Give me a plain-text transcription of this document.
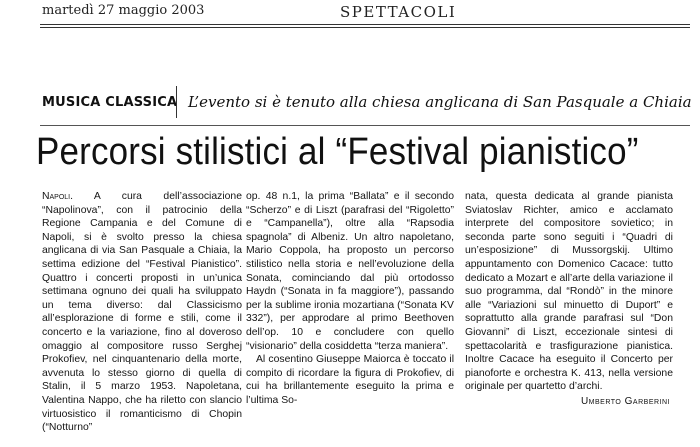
martedì 27 maggio 2003	SPETTACOLI
MUSICA CLASSICA L’evento si è tenuto alla chiesa anglicana di San Pasquale a Chiaia
Percorsi stilistici al “Festival pianistico”

Napoli. A cura dell’associazione “Napolinova”, con il patrocinio della Regione Campania e del Comune di Napoli, si è svolto presso la chiesa anglicana di via San Pasquale a Chiaia, la settima edizione del “Festival Pianistico”. Quattro i concerti proposti in un’unica settimana ognuno dei quali ha sviluppato un tema diverso: dal Classicismo all’esplorazione di forme e stili, come il concerto e la variazione, fino al doveroso omaggio al compositore russo Serghej Prokofiev, nel cinquantenario della morte, avvenuta lo stesso giorno di quella di Stalin, il 5 marzo 1953. Napoletana, Valentina Nappo, che ha riletto con slancio virtuosistico il romanticismo di Chopin (“Notturno”

op. 48 n.1, la prima “Ballata” e il secondo “Scherzo” e di Liszt (parafrasi del “Rigoletto” e “Campanella”), oltre alla “Rapsodia spagnola” di Albeniz. Un altro napoletano, Mario Coppola, ha proposto un percorso stilistico nella storia e nell’evoluzione della Sonata, cominciando dal più ortodosso Haydn (“Sonata in fa maggiore”), passando per la sublime ironia mozartiana (“Sonata KV 332”), per approdare al primo Beethoven dell’op. 10 e concludere con quello “visionario” della cosiddetta “terza maniera”.

Al cosentino Giuseppe Maiorca è toccato il compito di ricordare la figura di Prokofiev, di cui ha brillantemente eseguito la prima e l’ultima So-

nata, questa dedicata al grande pianista Sviatoslav Richter, amico e acclamato interprete del compositore sovietico; in seconda parte sono seguiti i “Quadri di un’esposizione” di Mussorgskij. Ultimo appuntamento con Domenico Cacace: tutto dedicato a Mozart e all’arte della variazione il suo programma, dal “Rondò” in the minore alle “Variazioni sul minuetto di Duport” e soprattutto alla grande parafrasi sul “Don Giovanni” di Liszt, eccezionale sintesi di spettacolarità e trasfigurazione pianistica. Inoltre Cacace ha eseguito il Concerto per pianoforte e orchestra K. 413, nella versione originale per quartetto d’archi.

Umberto Garberini
